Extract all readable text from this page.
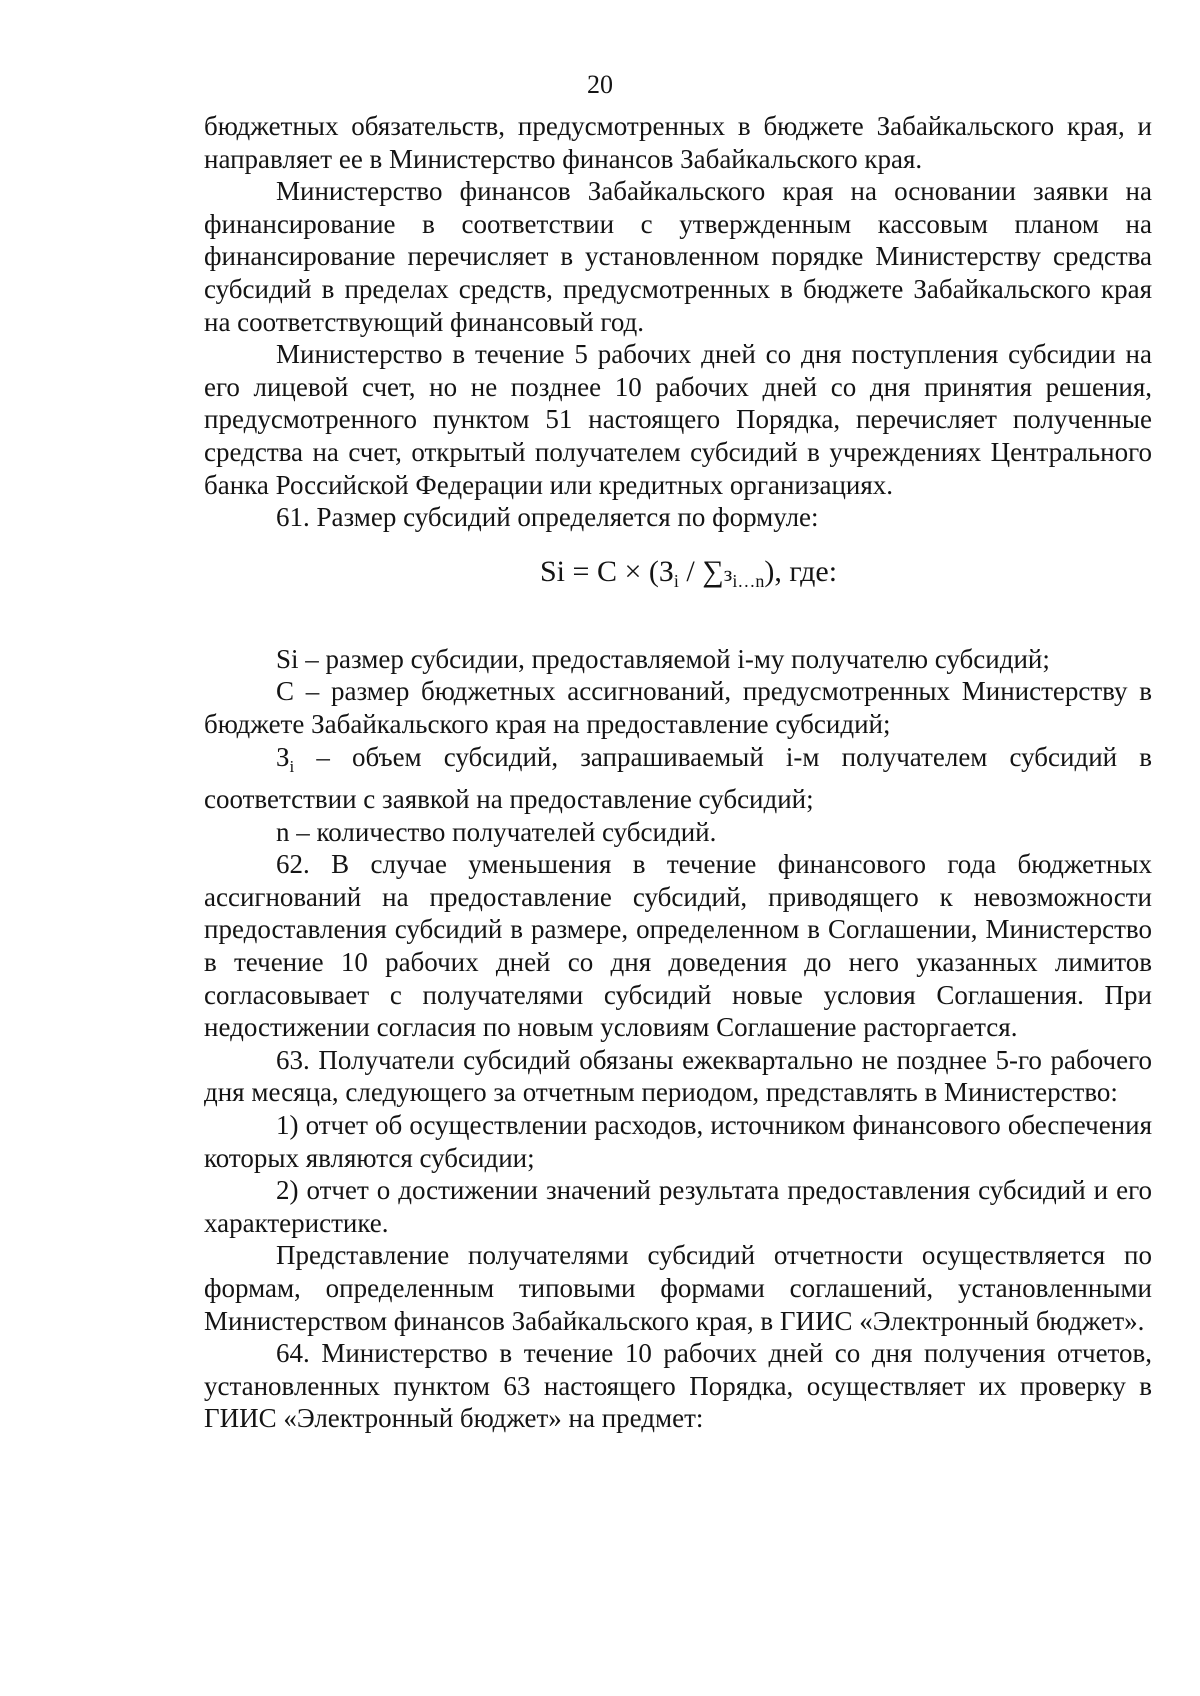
20

бюджетных обязательств, предусмотренных в бюджете Забайкальского края, и направляет ее в Министерство финансов Забайкальского края.

Министерство финансов Забайкальского края на основании заявки на финансирование в соответствии с утвержденным кассовым планом на финансирование перечисляет в установленном порядке Министерству средства субсидий в пределах средств, предусмотренных в бюджете Забайкальского края на соответствующий финансовый год.

Министерство в течение 5 рабочих дней со дня поступления субсидии на его лицевой счет, но не позднее 10 рабочих дней со дня принятия решения, предусмотренного пунктом 51 настоящего Порядка, перечисляет полученные средства на счет, открытый получателем субсидий в учреждениях Центрального банка Российской Федерации или кредитных организациях.

61. Размер субсидий определяется по формуле:

$Si = C \times (З_i / \sum з_{i\dots n})$, где:

Si – размер субсидии, предоставляемой i-му получателю субсидий;

С – размер бюджетных ассигнований, предусмотренных Министерству в бюджете Забайкальского края на предоставление субсидий;

$З_i$ – объем субсидий, запрашиваемый i-м получателем субсидий в соответствии с заявкой на предоставление субсидий;

n – количество получателей субсидий.

62. В случае уменьшения в течение финансового года бюджетных ассигнований на предоставление субсидий, приводящего к невозможности предоставления субсидий в размере, определенном в Соглашении, Министерство в течение 10 рабочих дней со дня доведения до него указанных лимитов согласовывает с получателями субсидий новые условия Соглашения. При недостижении согласия по новым условиям Соглашение расторгается.

63. Получатели субсидий обязаны ежеквартально не позднее 5-го рабочего дня месяца, следующего за отчетным периодом, представлять в Министерство:

1) отчет об осуществлении расходов, источником финансового обеспечения которых являются субсидии;

2) отчет о достижении значений результата предоставления субсидий и его характеристике.

Представление получателями субсидий отчетности осуществляется по формам, определенным типовыми формами соглашений, установленными Министерством финансов Забайкальского края, в ГИИС «Электронный бюджет».

64. Министерство в течение 10 рабочих дней со дня получения отчетов, установленных пунктом 63 настоящего Порядка, осуществляет их проверку в ГИИС «Электронный бюджет» на предмет:
